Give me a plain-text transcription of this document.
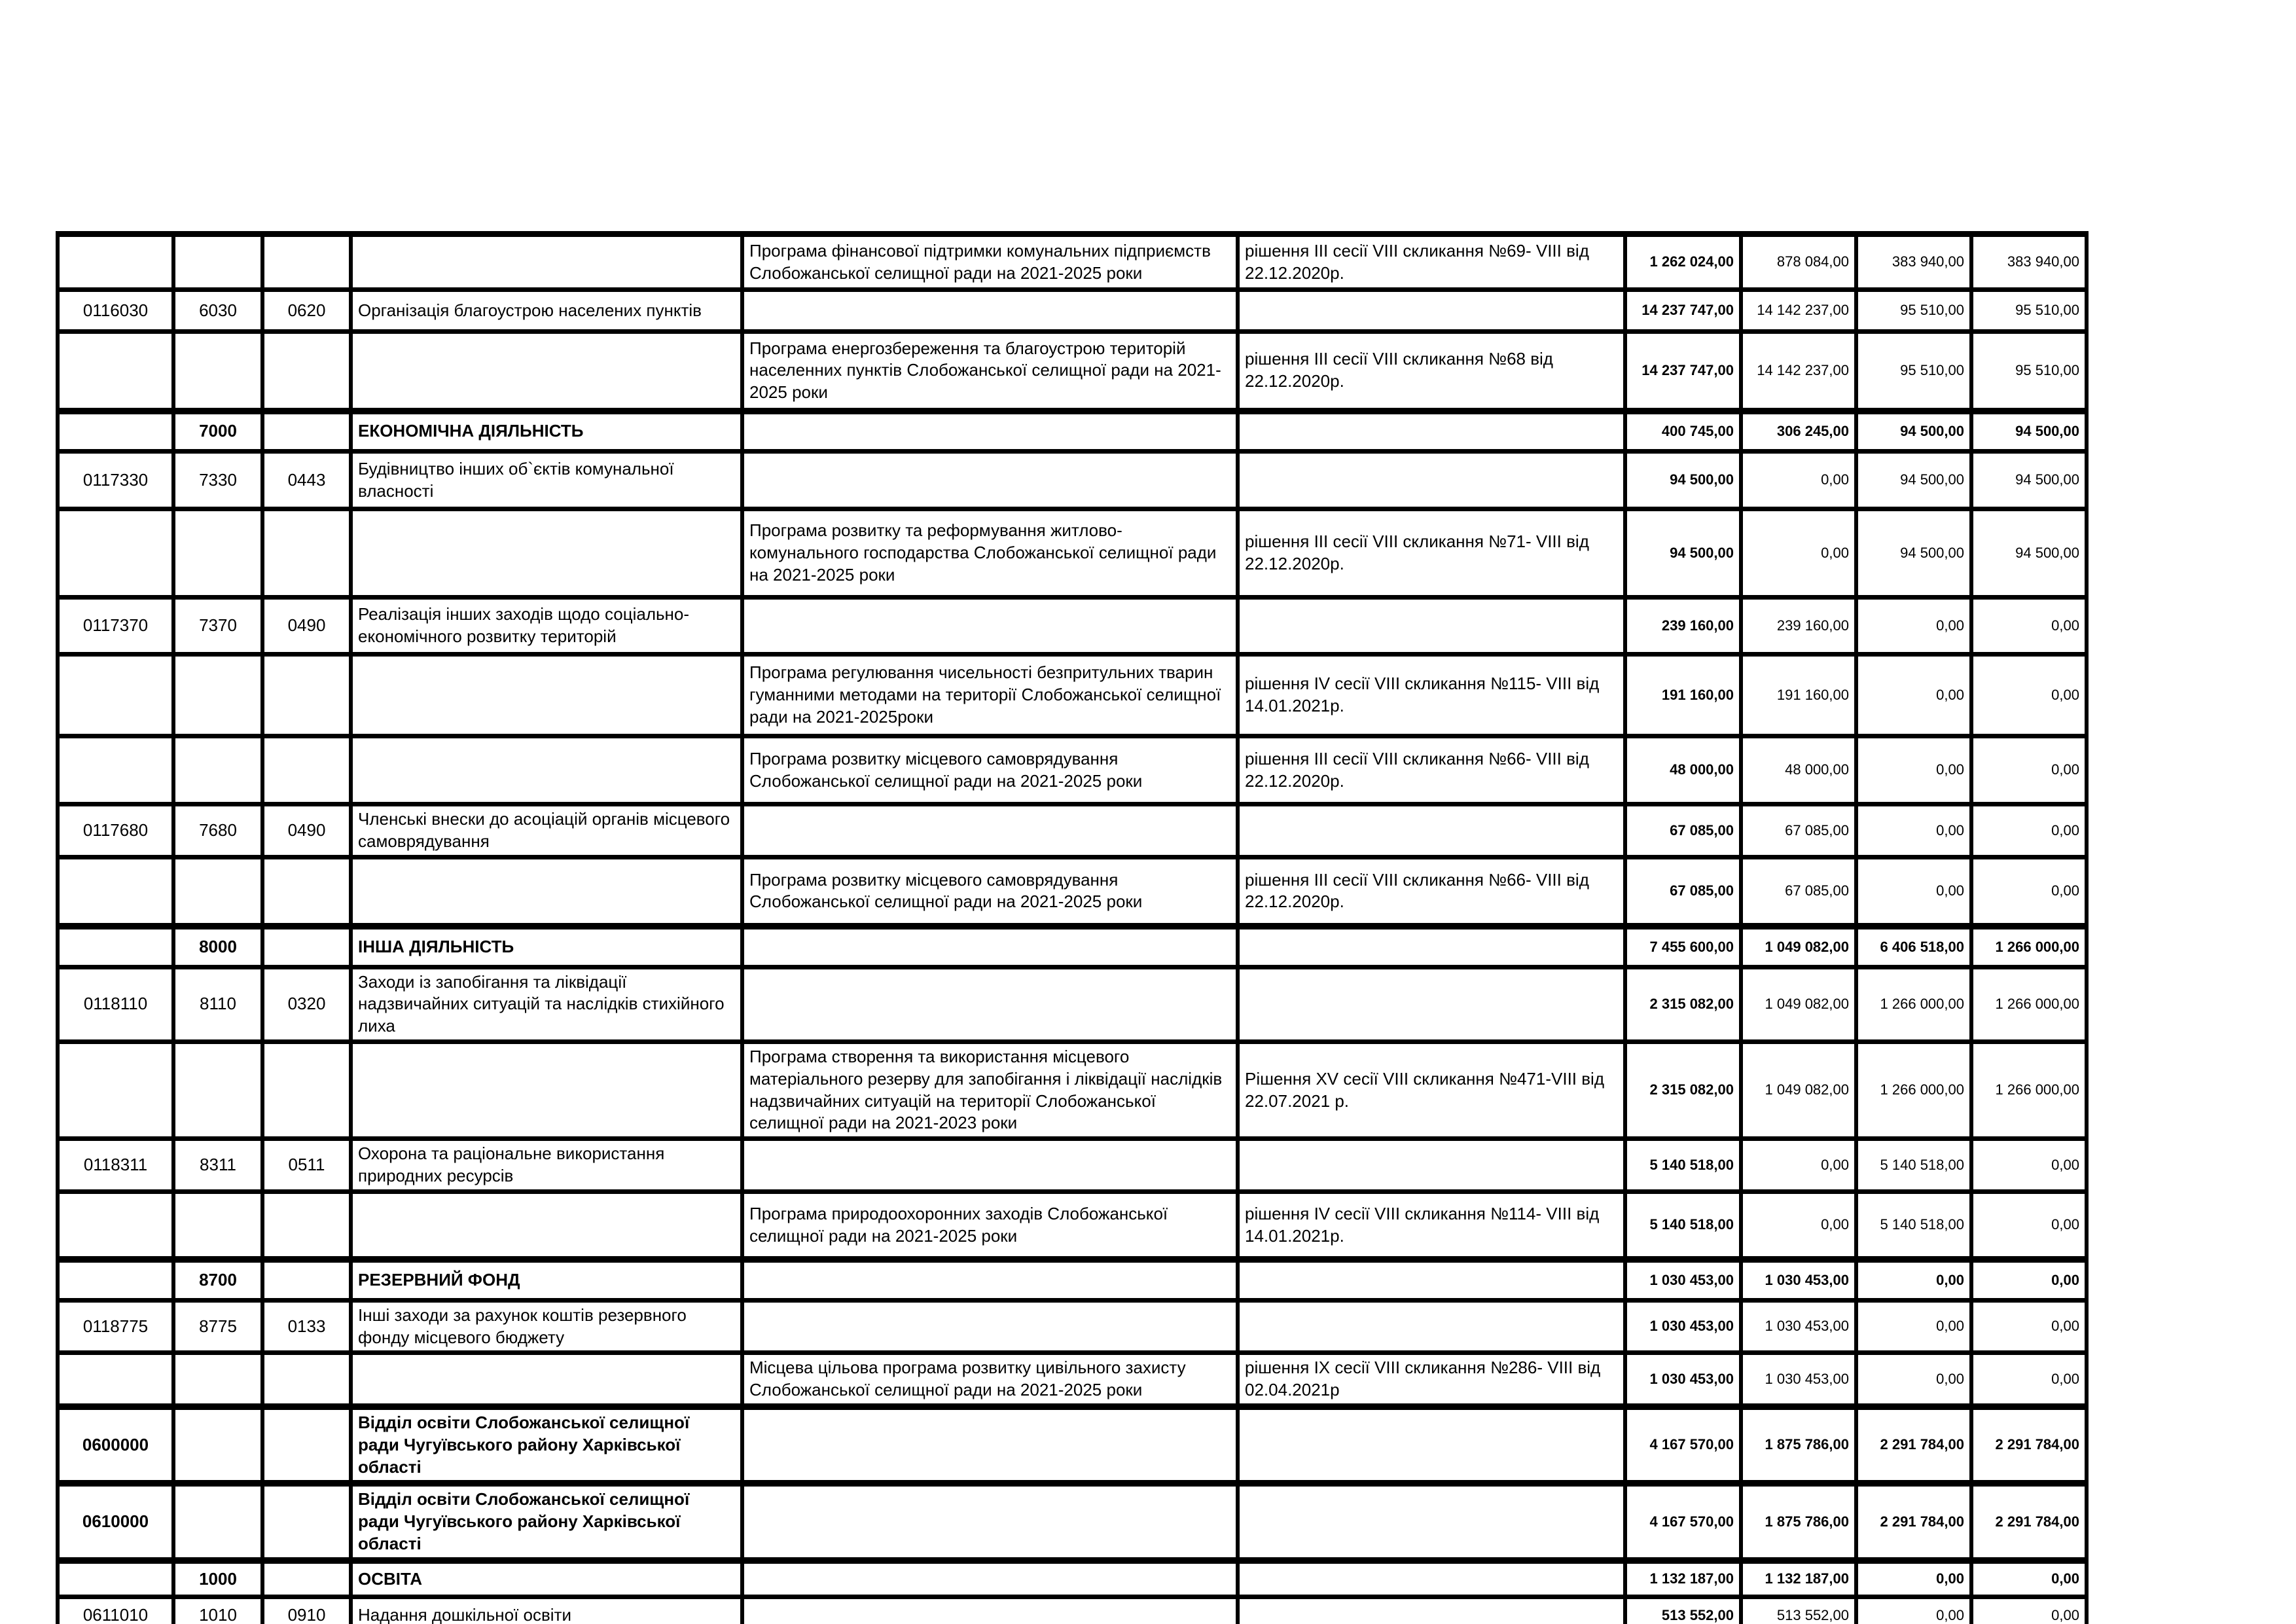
				Програма фінансової підтримки комунальних підприємств Слобожанської селищної ради на 2021-2025 роки	рішення III сесії VIII скликання №69- VIII від 22.12.2020р.	1 262 024,00	878 084,00	383 940,00	383 940,00
0116030	6030	0620	Організація благоустрою населених пунктів			14 237 747,00	14 142 237,00	95 510,00	95 510,00
				Програма енергозбереження та благоустрою територій населенних пунктів Слобожанської селищної ради на 2021-2025 роки	рішення III сесії VIII скликання №68 від 22.12.2020р.	14 237 747,00	14 142 237,00	95 510,00	95 510,00
	7000		ЕКОНОМІЧНА ДІЯЛЬНІСТЬ			400 745,00	306 245,00	94 500,00	94 500,00
0117330	7330	0443	Будівництво інших об`єктів комунальної власності			94 500,00	0,00	94 500,00	94 500,00
				Програма розвитку та реформування житлово-комунального господарства Слобожанської селищної ради на 2021-2025 роки	рішення III сесії VIII скликання №71- VIII від 22.12.2020р.	94 500,00	0,00	94 500,00	94 500,00
0117370	7370	0490	Реалізація інших заходів щодо соціально-економічного розвитку територій			239 160,00	239 160,00	0,00	0,00
				Програма регулювання чисельності безпритульних тварин гуманними методами на території Слобожанської селищної ради на 2021-2025роки	рішення IV сесії VIII скликання №115- VIII від 14.01.2021р.	191 160,00	191 160,00	0,00	0,00
				Програма розвитку місцевого самоврядування Слобожанської селищної ради на 2021-2025 роки	рішення III сесії VIII скликання №66- VIII від 22.12.2020р.	48 000,00	48 000,00	0,00	0,00
0117680	7680	0490	Членські внески до асоціацій органів місцевого самоврядування			67 085,00	67 085,00	0,00	0,00
				Програма розвитку місцевого самоврядування Слобожанської селищної ради на 2021-2025 роки	рішення III сесії VIII скликання №66- VIII від 22.12.2020р.	67 085,00	67 085,00	0,00	0,00
	8000		ІНША ДІЯЛЬНІСТЬ			7 455 600,00	1 049 082,00	6 406 518,00	1 266 000,00
0118110	8110	0320	Заходи із запобігання та ліквідації надзвичайних ситуацій та наслідків стихійного лиха			2 315 082,00	1 049 082,00	1 266 000,00	1 266 000,00
				Програма створення та використання місцевого матеріального резерву для запобігання і ліквідації наслідків надзвичайних ситуацій на території Слобожанської селищної ради на 2021-2023 роки	Рішення XV сесії VIII скликання №471-VIII від 22.07.2021 р.	2 315 082,00	1 049 082,00	1 266 000,00	1 266 000,00
0118311	8311	0511	Охорона та раціональне використання природних ресурсів			5 140 518,00	0,00	5 140 518,00	0,00
				Програма природоохоронних заходів Слобожанської селищної ради на 2021-2025 роки	рішення IV сесії VIII скликання №114- VIII від 14.01.2021р.	5 140 518,00	0,00	5 140 518,00	0,00
	8700		РЕЗЕРВНИЙ ФОНД			1 030 453,00	1 030 453,00	0,00	0,00
0118775	8775	0133	Інші заходи за рахунок коштів резервного фонду місцевого бюджету			1 030 453,00	1 030 453,00	0,00	0,00
				Місцева цільова програма розвитку цивільного захисту Слобожанської селищної ради на 2021-2025 роки	рішення IX сесії VIII скликання №286- VIII від 02.04.2021р	1 030 453,00	1 030 453,00	0,00	0,00
0600000			Відділ освіти Слобожанської селищної ради Чугуївського району Харківської області			4 167 570,00	1 875 786,00	2 291 784,00	2 291 784,00
0610000			Відділ освіти Слобожанської селищної ради Чугуївського району Харківської області			4 167 570,00	1 875 786,00	2 291 784,00	2 291 784,00
	1000		ОСВІТА			1 132 187,00	1 132 187,00	0,00	0,00
0611010	1010	0910	Надання дошкільної освіти			513 552,00	513 552,00	0,00	0,00
